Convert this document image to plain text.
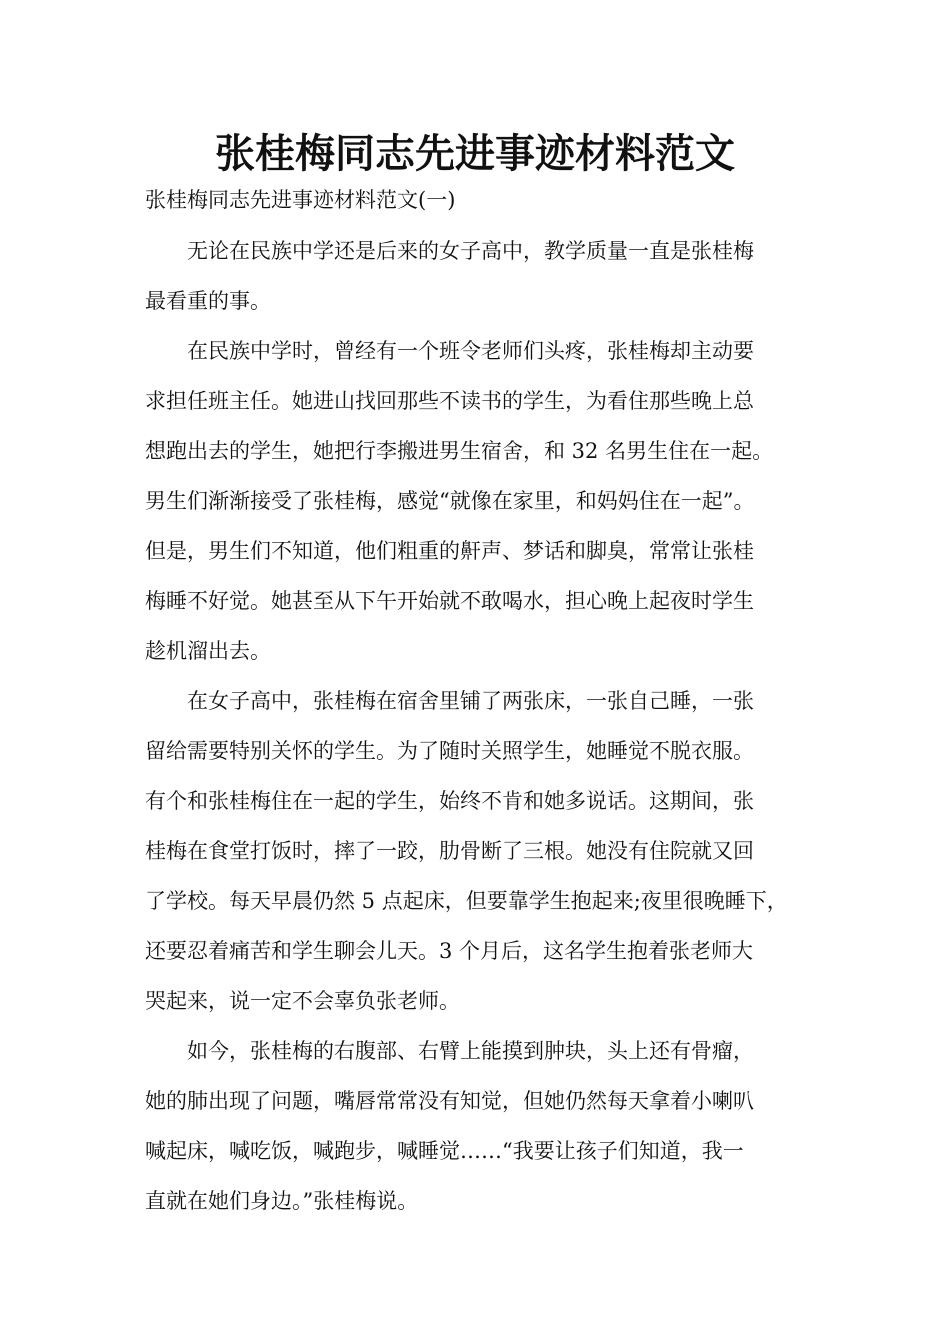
张桂梅同志先进事迹材料范文

张桂梅同志先进事迹材料范文(一)

无论在民族中学还是后来的女子高中，教学质量一直是张桂梅
最看重的事。

在民族中学时，曾经有一个班令老师们头疼，张桂梅却主动要
求担任班主任。她进山找回那些不读书的学生，为看住那些晚上总
想跑出去的学生，她把行李搬进男生宿舍，和 32 名男生住在一起。
男生们渐渐接受了张桂梅，感觉“就像在家里，和妈妈住在一起”。
但是，男生们不知道，他们粗重的鼾声、梦话和脚臭，常常让张桂
梅睡不好觉。她甚至从下午开始就不敢喝水，担心晚上起夜时学生
趁机溜出去。

在女子高中，张桂梅在宿舍里铺了两张床，一张自己睡，一张
留给需要特别关怀的学生。为了随时关照学生，她睡觉不脱衣服。
有个和张桂梅住在一起的学生，始终不肯和她多说话。这期间，张
桂梅在食堂打饭时，摔了一跤，肋骨断了三根。她没有住院就又回
了学校。每天早晨仍然 5 点起床，但要靠学生抱起来;夜里很晚睡下，
还要忍着痛苦和学生聊会儿天。3 个月后，这名学生抱着张老师大
哭起来，说一定不会辜负张老师。

如今，张桂梅的右腹部、右臂上能摸到肿块，头上还有骨瘤，
她的肺出现了问题，嘴唇常常没有知觉，但她仍然每天拿着小喇叭
喊起床，喊吃饭，喊跑步，喊睡觉……“我要让孩子们知道，我一
直就在她们身边。”张桂梅说。
